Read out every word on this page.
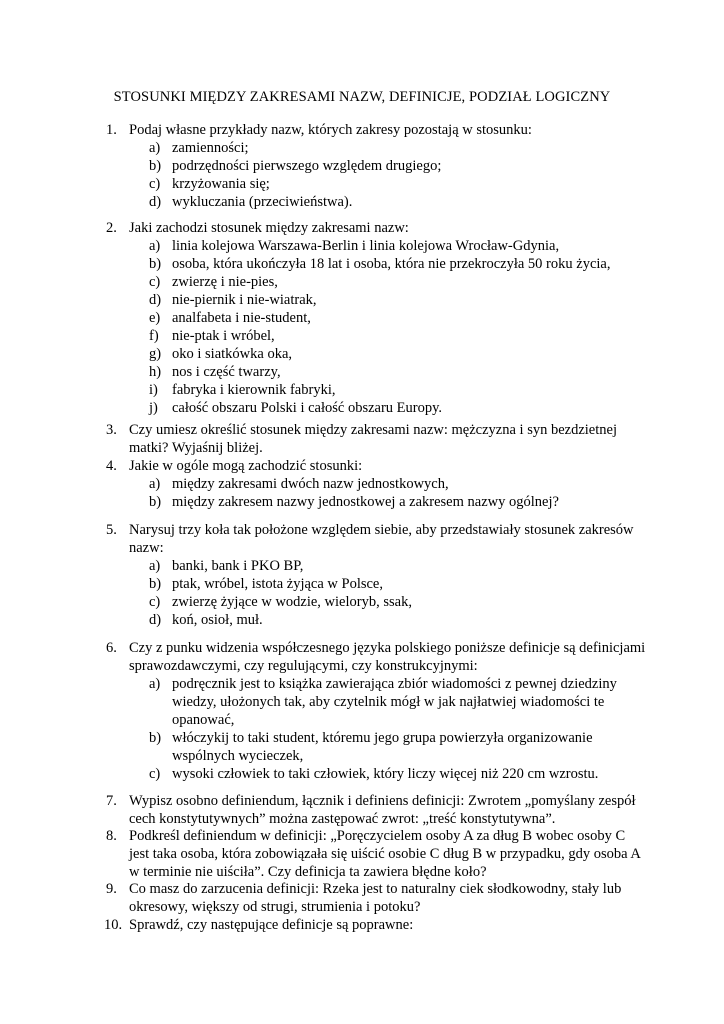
STOSUNKI MIĘDZY ZAKRESAMI NAZW, DEFINICJE, PODZIAŁ LOGICZNY
1. Podaj własne przykłady nazw, których zakresy pozostają w stosunku:
a) zamienności;
b) podrzędności pierwszego względem drugiego;
c) krzyżowania się;
d) wykluczania (przeciwieństwa).
2. Jaki zachodzi stosunek między zakresami nazw:
a) linia kolejowa Warszawa-Berlin i linia kolejowa Wrocław-Gdynia,
b) osoba, która ukończyła 18 lat i osoba, która nie przekroczyła 50 roku życia,
c) zwierzę i nie-pies,
d) nie-piernik i nie-wiatrak,
e) analfabeta i nie-student,
f) nie-ptak i wróbel,
g) oko i siatkówka oka,
h) nos i część twarzy,
i) fabryka i kierownik fabryki,
j) całość obszaru Polski i całość obszaru Europy.
3. Czy umiesz określić stosunek między zakresami nazw: mężczyzna i syn bezdzietnej matki? Wyjaśnij bliżej.
4. Jakie w ogóle mogą zachodzić stosunki:
a) między zakresami dwóch nazw jednostkowych,
b) między zakresem nazwy jednostkowej a zakresem nazwy ogólnej?
5. Narysuj trzy koła tak położone względem siebie, aby przedstawiały stosunek zakresów nazw:
a) banki, bank i PKO BP,
b) ptak, wróbel, istota żyjąca w Polsce,
c) zwierzę żyjące w wodzie, wieloryb, ssak,
d) koń, osioł, muł.
6. Czy z punku widzenia współczesnego języka polskiego poniższe definicje są definicjami sprawozdawczymi, czy regulującymi, czy konstrukcyjnymi:
a) podręcznik jest to książka zawierająca zbiór wiadomości z pewnej dziedziny wiedzy, ułożonych tak, aby czytelnik mógł w jak najłatwiej wiadomości te opanować,
b) włóczykij to taki student, któremu jego grupa powierzyła organizowanie wspólnych wycieczek,
c) wysoki człowiek to taki człowiek, który liczy więcej niż 220 cm wzrostu.
7. Wypisz osobno definiendum, łącznik i definiens definicji: Zwrotem „pomyślany zespół cech konstytutywnych” można zastępować zwrot: „treść konstytutywna”.
8. Podkreśl definiendum w definicji: „Poręczycielem osoby A za dług B wobec osoby C jest taka osoba, która zobowiązała się uiścić osobie C dług B w przypadku, gdy osoba A w terminie nie uiściła”. Czy definicja ta zawiera błędne koło?
9. Co masz do zarzucenia definicji: Rzeka jest to naturalny ciek słodkowodny, stały lub okresowy, większy od strugi, strumienia i potoku?
10. Sprawdź, czy następujące definicje są poprawne:
